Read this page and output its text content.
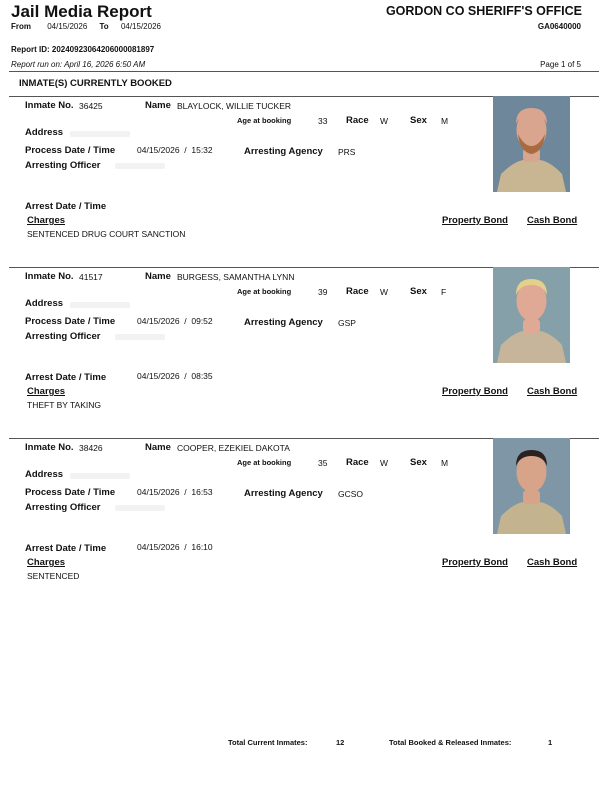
Jail Media Report	GORDON CO SHERIFF'S OFFICE
GA0640000
From 04/15/2026 To 04/15/2026
Report ID: 20240923064206000081897
Report run on: April 16, 2026 6:50 AM	Page 1 of 5
INMATE(S) CURRENTLY BOOKED
Inmate No. 36425	Name BLAYLOCK, WILLIE TUCKER
Age at booking	33 Race W Sex M
Address
Process Date / Time	04/15/2026  /  15:32	Arresting Agency PRS
Arresting Officer
Arrest Date / Time
Charges	Property Bond Cash Bond
SENTENCED DRUG COURT SANCTION
Inmate No. 41517	Name BURGESS, SAMANTHA LYNN
Age at booking	39 Race W Sex F
Address
Process Date / Time	04/15/2026  /  09:52	Arresting Agency GSP
Arresting Officer
Arrest Date / Time	04/15/2026  /  08:35
Charges	Property Bond Cash Bond
THEFT BY TAKING
Inmate No. 38426	Name COOPER, EZEKIEL DAKOTA
Age at booking	35 Race W Sex M
Address
Process Date / Time	04/15/2026  /  16:53	Arresting Agency GCSO
Arresting Officer
Arrest Date / Time	04/15/2026  /  16:10
Charges	Property Bond Cash Bond
SENTENCED
Total Current Inmates:	12	Total Booked & Released Inmates:	1
